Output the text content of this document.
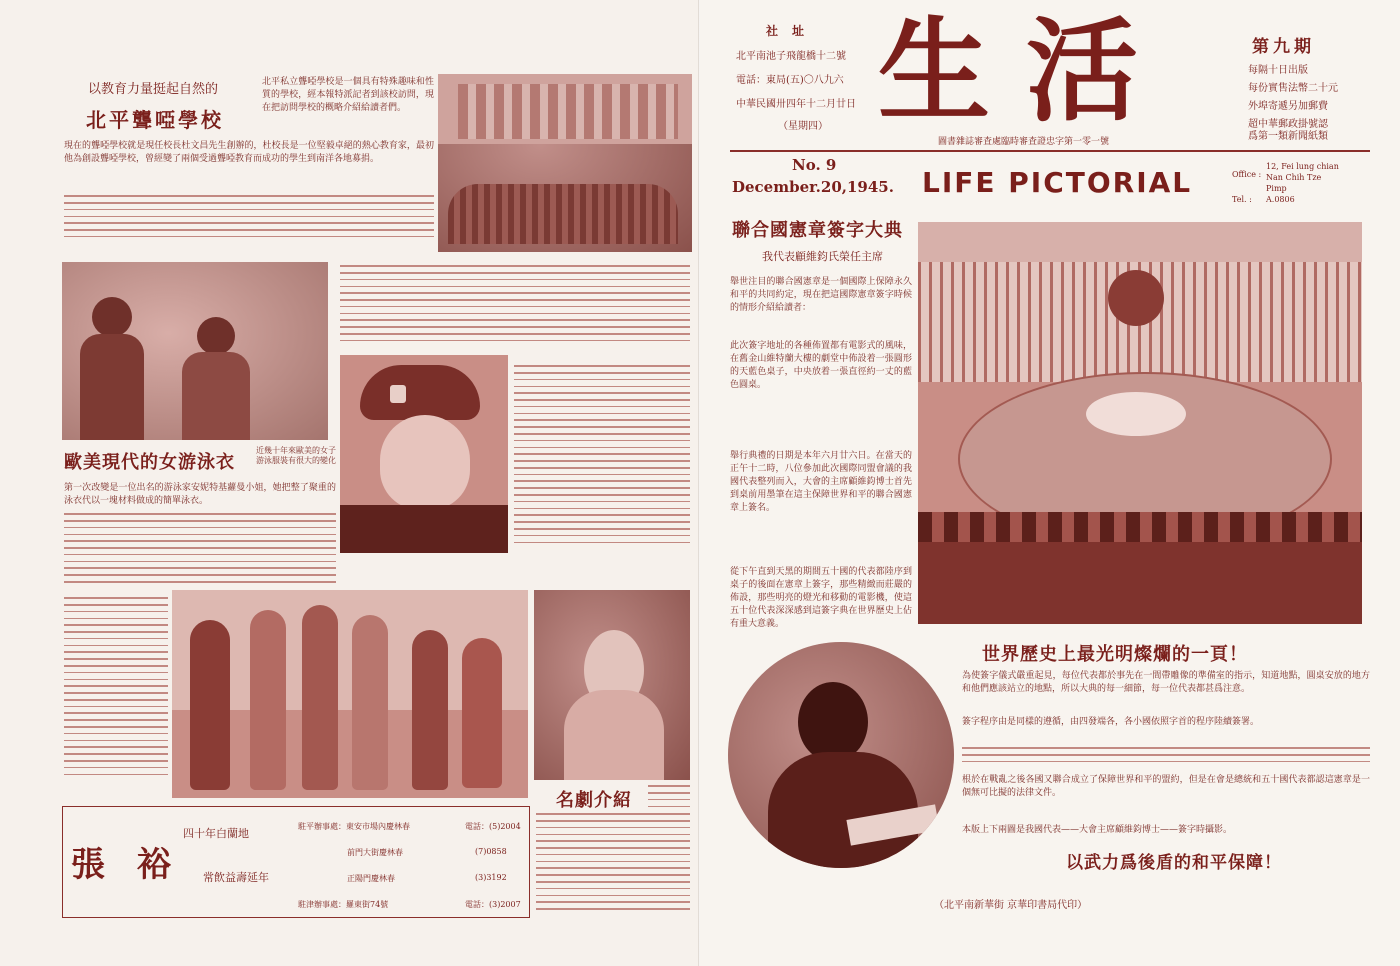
以教育力量挺起自然的
北平聾啞學校
北平私立聾啞學校是一個具有特殊趣味和性質的學校，經本報特派記者到該校訪問，現在把訪問學校的概略介紹給讀者們。
現在的聾啞學校就是現任校長杜文昌先生創辦的，杜校長是一位堅毅卓絕的熱心教育家，最初他為創設聾啞學校，曾經變了兩個受過聾啞教育而成功的學生到南洋各地募捐。
歐美現代的女游泳衣
近幾十年來歐美的女子游泳服裝有很大的變化
第一次改變是一位出名的游泳家安妮特基蘿曼小姐，她把整了聚重的泳衣代以一塊材料做成的簡單泳衣。
名劇介紹
張 裕
四十年白蘭地
常飲益壽延年
駐平辦事處：東安市場內慶林春	電話：(5)2004
前門大街慶林春	(7)0858
正陽門慶林春	(3)3192
駐津辦事處：羅東街74號	電話：(3)2007
社址
北平南池子飛龍橋十二號
電話：東局(五)〇八九六
中華民國卅四年十二月廿日
（星期四） 生活	第九期
每隔十日出版
每份實售法幣二十元
外埠寄遞另加郵費
超中華郵政掛號認
爲第一類新聞紙類
圖書雜誌審査處臨時審査證忠字第一零一號
No. 9
December.20,1945. LIFE PICTORIAL	Office :
12, Fei lung chian
Nan Chih Tze
Pimp
Tel. : A.0806
聯合國憲章簽字大典
我代表顧維鈞氏榮任主席
舉世注目的聯合國憲章是一個國際上保障永久和平的共同約定，現在把這國際憲章簽字時候的情形介紹給讀者：
此次簽字地址的各種佈置都有電影式的風味，在舊金山維特蘭大樓的劇堂中佈設着一張圓形的天藍色桌子，中央放着一張直徑約一丈的藍色圓桌。
舉行典禮的日期是本年六月廿六日。在當天的正午十二時，八位參加此次國際同盟會議的我國代表整列而入，大會的主席顧維鈞博士首先到桌前用墨筆在這主保障世界和平的聯合國憲章上簽名。
從下午直到天黑的期間五十國的代表都陸序到桌子的後面在憲章上簽字，那些精緻而莊嚴的佈設，那些明亮的燈光和移動的電影機，使這五十位代表深深感到這簽字典在世界歷史上佔有重大意義。
世界歷史上最光明燦爛的一頁！
為使簽字儀式嚴重起見，每位代表都於事先在一間帶雕像的準備室的指示，知道地點，圓桌安放的地方和他們應該站立的地點，所以大典的每一細節，每一位代表都甚爲注意。
簽字程序由是同樣的遵循，由四發端各，各小國依照字首的程序陸續簽署。
根於在戰亂之後各國又聯合成立了保障世界和平的盟約，但是在會是總統和五十國代表都認這憲章是一個無可比擬的法律文件。
本版上下兩圖是我國代表——大會主席顧維鈞博士——簽字時攝影。
以武力爲後盾的和平保障！
（北平南新華街 京華印書局代印）
